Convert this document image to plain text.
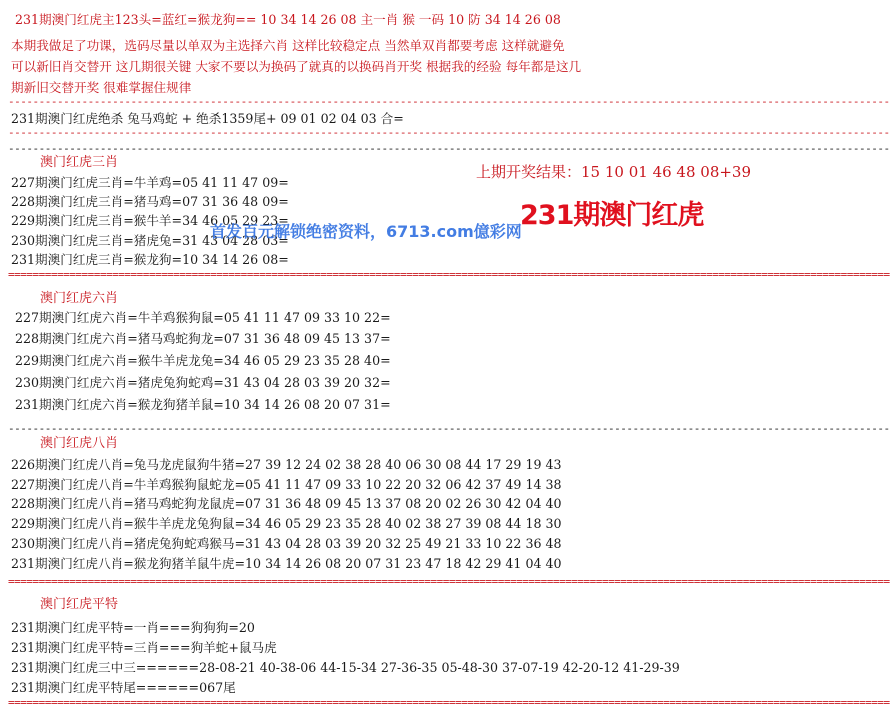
231期澳门红虎主123头=蓝红=猴龙狗== 10 34 14 26 08 主一肖 猴 一码 10 防 34 14 26 08
本期我做足了功课，选码尽量以单双为主选择六肖 这样比较稳定点 当然单双肖都要考虑 这样就避免
可以新旧肖交替开 这几期很关键 大家不要以为换码了就真的以换码肖开奖 根据我的经验 每年都是这几
期新旧交替开奖 很难掌握住规律
------------------------------------------------------------------------------------------------------------------------------------------------
231期澳门红虎绝杀 兔马鸡蛇 + 绝杀1359尾+ 09 01 02 04 03 合=
------------------------------------------------------------------------------------------------------------------------------------------------
------------------------------------------------------------------------------------------------------------------------------------------------
澳门红虎三肖
227期澳门红虎三肖=牛羊鸡=05 41 11 47 09=
228期澳门红虎三肖=猪马鸡=07 31 36 48 09=
229期澳门红虎三肖=猴牛羊=34 46 05 29 23=
230期澳门红虎三肖=猪虎兔=31 43 04 28 03=
231期澳门红虎三肖=猴龙狗=10 34 14 26 08=
================================================================================================================================================
上期开奖结果：15 10 01 46 48 08+39
231期澳门红虎
首发百元解锁绝密资料，6713.com億彩网
澳门红虎六肖
227期澳门红虎六肖=牛羊鸡猴狗鼠=05 41 11 47 09 33 10 22=
228期澳门红虎六肖=猪马鸡蛇狗龙=07 31 36 48 09 45 13 37=
229期澳门红虎六肖=猴牛羊虎龙兔=34 46 05 29 23 35 28 40=
230期澳门红虎六肖=猪虎兔狗蛇鸡=31 43 04 28 03 39 20 32=
231期澳门红虎六肖=猴龙狗猪羊鼠=10 34 14 26 08 20 07 31=
------------------------------------------------------------------------------------------------------------------------------------------------
澳门红虎八肖
226期澳门红虎八肖=兔马龙虎鼠狗牛猪=27 39 12 24 02 38 28 40 06 30 08 44 17 29 19 43
227期澳门红虎八肖=牛羊鸡猴狗鼠蛇龙=05 41 11 47 09 33 10 22 20 32 06 42 37 49 14 38
228期澳门红虎八肖=猪马鸡蛇狗龙鼠虎=07 31 36 48 09 45 13 37 08 20 02 26 30 42 04 40
229期澳门红虎八肖=猴牛羊虎龙兔狗鼠=34 46 05 29 23 35 28 40 02 38 27 39 08 44 18 30
230期澳门红虎八肖=猪虎兔狗蛇鸡猴马=31 43 04 28 03 39 20 32 25 49 21 33 10 22 36 48
231期澳门红虎八肖=猴龙狗猪羊鼠牛虎=10 34 14 26 08 20 07 31 23 47 18 42 29 41 04 40
================================================================================================================================================
澳门红虎平特
231期澳门红虎平特=一肖===狗狗狗=20
231期澳门红虎平特=三肖===狗羊蛇+鼠马虎
231期澳门红虎三中三======28-08-21 40-38-06 44-15-34 27-36-35 05-48-30 37-07-19 42-20-12 41-29-39
231期澳门红虎平特尾======067尾
================================================================================================================================================
